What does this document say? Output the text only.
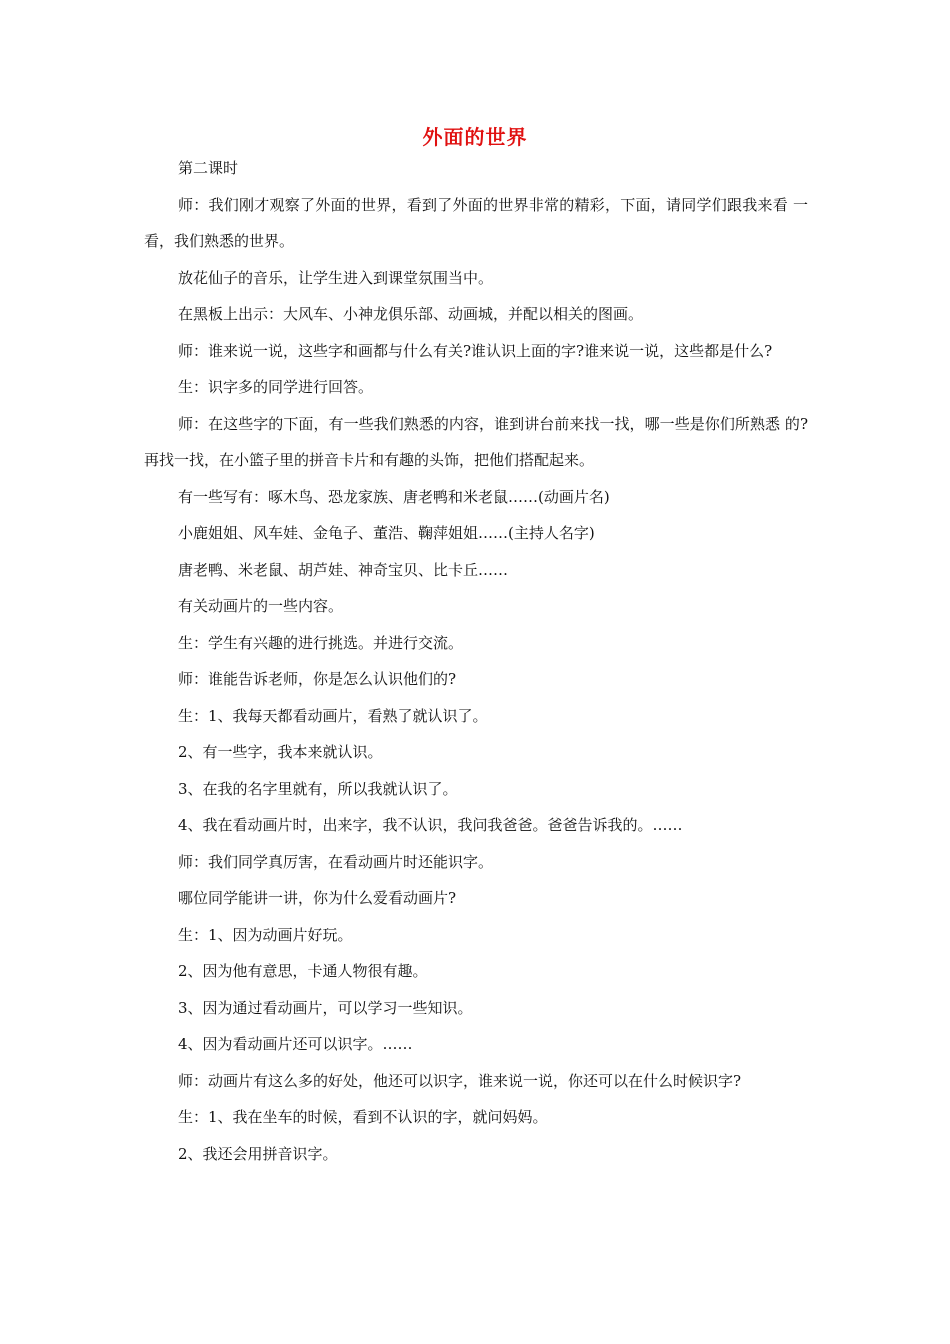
外面的世界

第二课时

师：我们刚才观察了外面的世界，看到了外面的世界非常的精彩，下面，请同学们跟我来看 一看，我们熟悉的世界。

放花仙子的音乐，让学生进入到课堂氛围当中。

在黑板上出示：大风车、小神龙俱乐部、动画城，并配以相关的图画。

师：谁来说一说，这些字和画都与什么有关?谁认识上面的字?谁来说一说，这些都是什么?

生：识字多的同学进行回答。

师：在这些字的下面，有一些我们熟悉的内容，谁到讲台前来找一找，哪一些是你们所熟悉 的?再找一找，在小篮子里的拼音卡片和有趣的头饰，把他们搭配起来。

有一些写有：啄木鸟、恐龙家族、唐老鸭和米老鼠……(动画片名)

小鹿姐姐、风车娃、金龟子、董浩、鞠萍姐姐……(主持人名字)

唐老鸭、米老鼠、胡芦娃、神奇宝贝、比卡丘……

有关动画片的一些内容。

生：学生有兴趣的进行挑选。并进行交流。

师：谁能告诉老师，你是怎么认识他们的?

生：1、我每天都看动画片，看熟了就认识了。

2、有一些字，我本来就认识。

3、在我的名字里就有，所以我就认识了。

4、我在看动画片时，出来字，我不认识，我问我爸爸。爸爸告诉我的。……

师：我们同学真厉害，在看动画片时还能识字。

哪位同学能讲一讲，你为什么爱看动画片?

生：1、因为动画片好玩。

2、因为他有意思，卡通人物很有趣。

3、因为通过看动画片，可以学习一些知识。

4、因为看动画片还可以识字。……

师：动画片有这么多的好处，他还可以识字，谁来说一说，你还可以在什么时候识字?

生：1、我在坐车的时候，看到不认识的字，就问妈妈。

2、我还会用拼音识字。
